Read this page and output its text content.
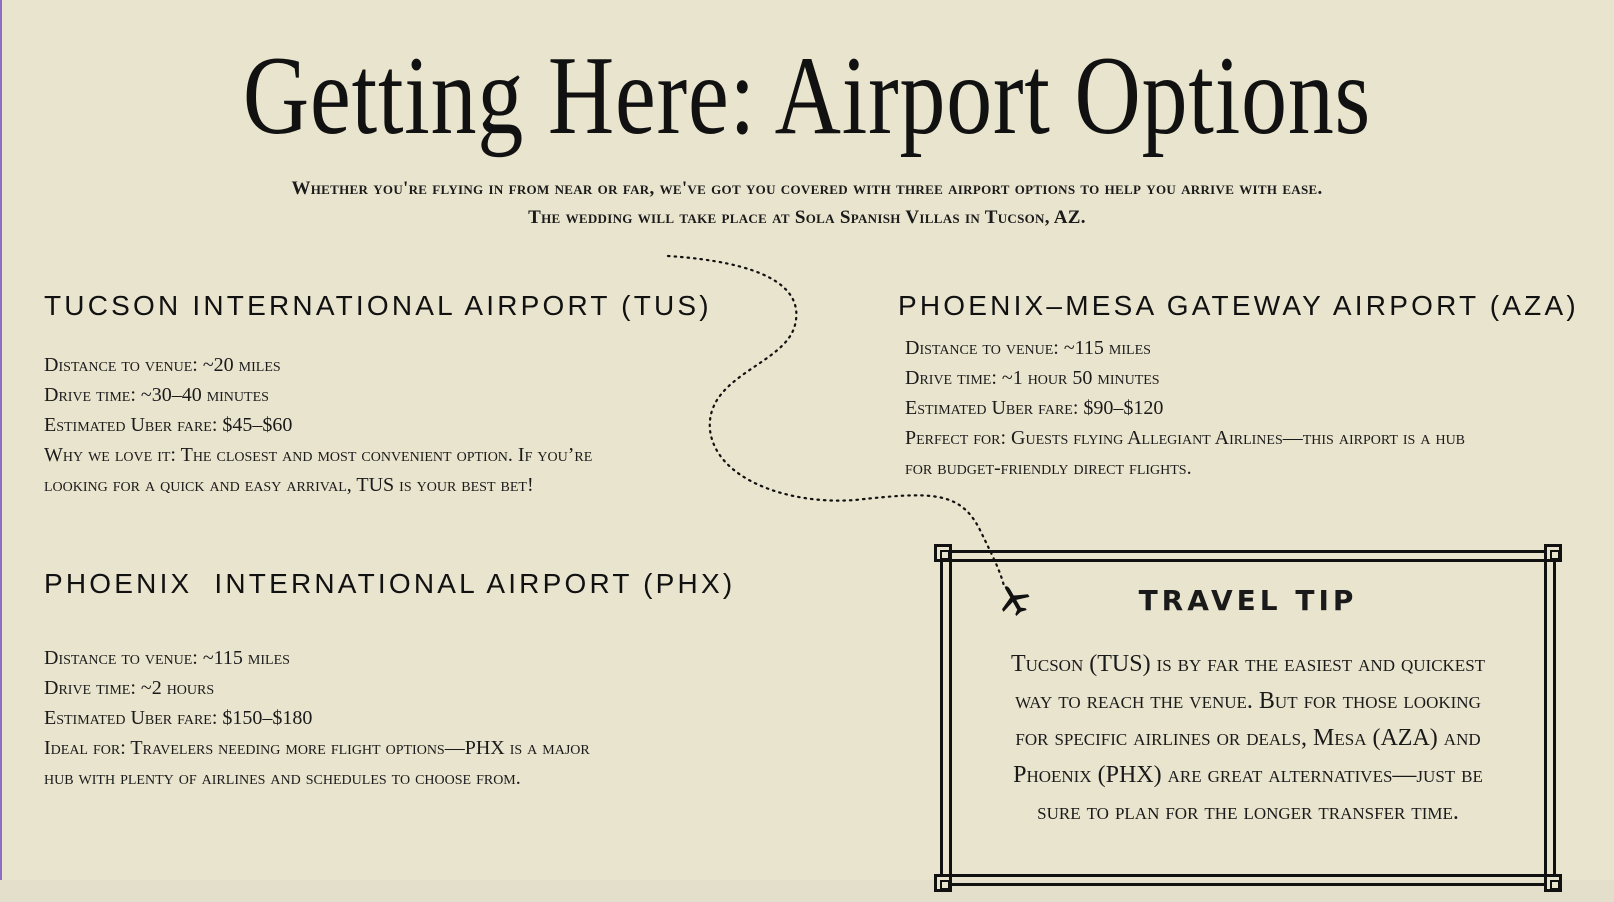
Getting Here: Airport Options
Whether you're flying in from near or far, we've got you covered with three airport options to help you arrive with ease.
The wedding will take place at Sola Spanish Villas in Tucson, AZ.
TUCSON INTERNATIONAL AIRPORT (TUS)
Distance to venue: ~20 miles
Drive time: ~30–40 minutes
Estimated Uber fare: $45–$60
Why we love it: The closest and most convenient option. If you’re
looking for a quick and easy arrival, TUS is your best bet!
PHOENIX–MESA GATEWAY AIRPORT (AZA)
Distance to venue: ~115 miles
Drive time: ~1 hour 50 minutes
Estimated Uber fare: $90–$120
Perfect for: Guests flying Allegiant Airlines—this airport is a hub
for budget-friendly direct flights.
PHOENIX  INTERNATIONAL AIRPORT (PHX)
Distance to venue: ~115 miles
Drive time: ~2 hours
Estimated Uber fare: $150–$180
Ideal for: Travelers needing more flight options—PHX is a major
hub with plenty of airlines and schedules to choose from.
TRAVEL TIP
Tucson (TUS) is by far the easiest and quickest
way to reach the venue. But for those looking
for specific airlines or deals, Mesa (AZA) and
Phoenix (PHX) are great alternatives—just be
sure to plan for the longer transfer time.
